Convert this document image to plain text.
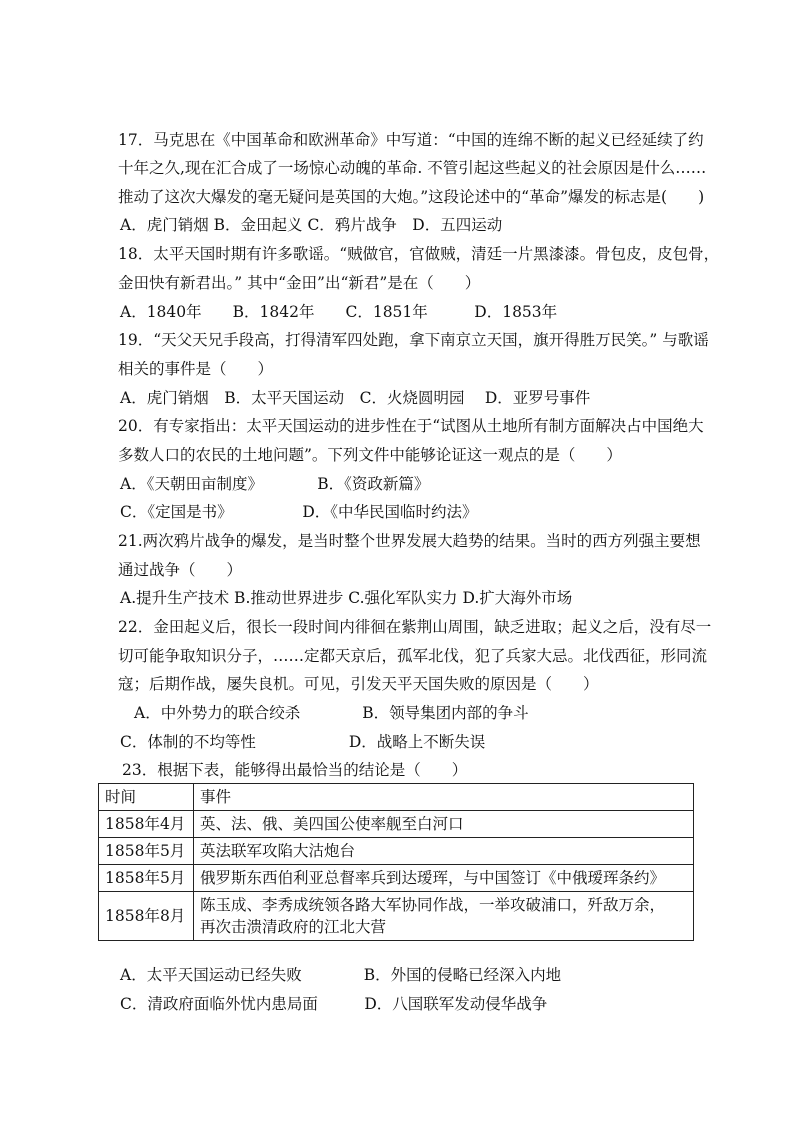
17．马克思在《中国革命和欧洲革命》中写道：“中国的连绵不断的起义已经延续了约
十年之久,现在汇合成了一场惊心动魄的革命. 不管引起这些起义的社会原因是什么……
推动了这次大爆发的毫无疑问是英国的大炮。”这段论述中的“革命”爆发的标志是(　　)
A．虎门销烟 B．金田起义 C．鸦片战争　D．五四运动
18．太平天国时期有许多歌谣。“贼做官，官做贼，清廷一片黑漆漆。骨包皮，皮包骨，
金田快有新君出。” 其中“金田”出“新君”是在（　　）
A．1840年　　B．1842年　　C．1851年　　　D．1853年
19．“天父天兄手段高，打得清军四处跑，拿下南京立天国，旗开得胜万民笑。” 与歌谣
相关的事件是（　　）
A．虎门销烟　B．太平天国运动　C．火烧圆明园　 D．亚罗号事件
20．有专家指出：太平天国运动的进步性在于“试图从土地所有制方面解决占中国绝大
多数人口的农民的土地问题”。下列文件中能够论证这一观点的是（　　）
A．《天朝田亩制度》　　　　B．《资政新篇》
C．《定国是书》　　　　　D．《中华民国临时约法》
21.两次鸦片战争的爆发，是当时整个世界发展大趋势的结果。当时的西方列强主要想
通过战争（　　）
A.提升生产技术 B.推动世界进步 C.强化军队实力 D.扩大海外市场
22．金田起义后，很长一段时间内徘徊在紫荆山周围，缺乏进取；起义之后，没有尽一
切可能争取知识分子，……定都天京后，孤军北伐，犯了兵家大忌。北伐西征，形同流
寇；后期作战，屡失良机。可见，引发天平天国失败的原因是（　　）
A．中外势力的联合绞杀　　　　B．领导集团内部的争斗
C．体制的不均等性　　　　　　D．战略上不断失误
23．根据下表，能够得出最恰当的结论是（　　）
时间	事件
1858年4月	英、法、俄、美四国公使率舰至白河口
1858年5月	英法联军攻陷大沽炮台
1858年5月	俄罗斯东西伯利亚总督率兵到达瑷珲，与中国签订《中俄瑷珲条约》
1858年8月	陈玉成、李秀成统领各路大军协同作战，一举攻破浦口，歼敌万余，
再次击溃清政府的江北大营
A．太平天国运动已经失败　　　　B．外国的侵略已经深入内地
C．清政府面临外忧内患局面　　　D．八国联军发动侵华战争
